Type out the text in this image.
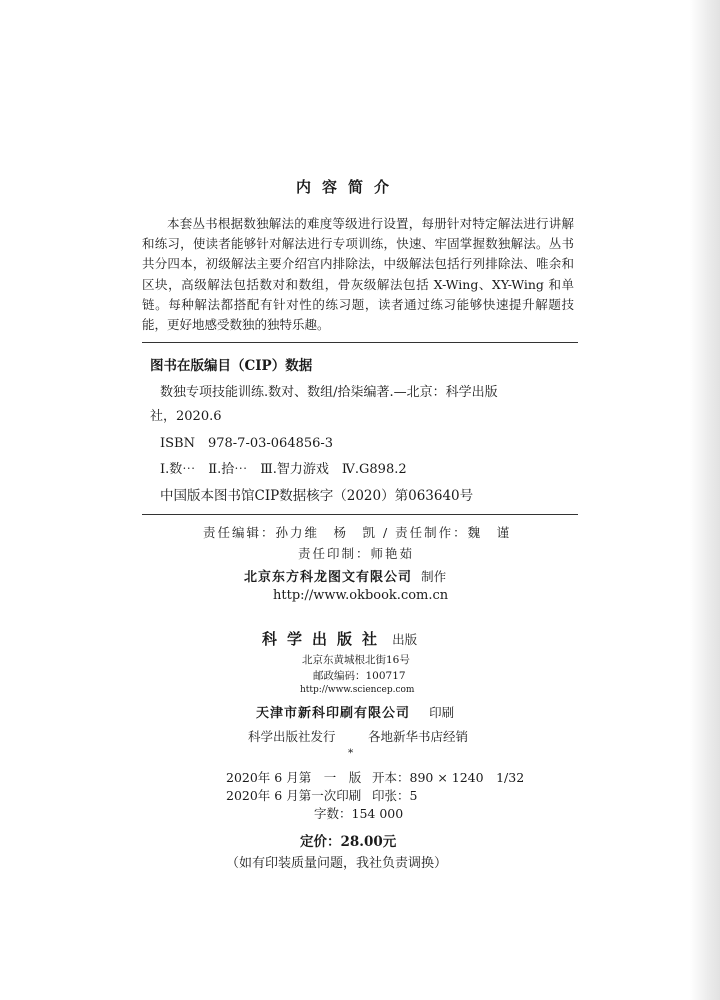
内容简介

本套丛书根据数独解法的难度等级进行设置，每册针对特定解法进行讲解和练习，使读者能够针对解法进行专项训练，快速、牢固掌握数独解法。丛书共分四本，初级解法主要介绍宫内排除法，中级解法包括行列排除法、唯余和区块，高级解法包括数对和数组，骨灰级解法包括 X-Wing、XY-Wing 和单链。每种解法都搭配有针对性的练习题，读者通过练习能够快速提升解题技能，更好地感受数独的独特乐趣。

图书在版编目（CIP）数据
数独专项技能训练.数对、数组/拾柒编著.—北京：科学出版
社，2020.6
ISBN　978-7-03-064856-3
Ⅰ.数⋯　Ⅱ.拾⋯　Ⅲ.智力游戏　Ⅳ.G898.2
中国版本图书馆CIP数据核字（2020）第063640号
责任编辑：孙力维　杨　凯 / 责任制作：魏　谨
责任印制：师艳茹
北京东方科龙图文有限公司 制作
http://www.okbook.com.cn
科学出版社 出版
北京东黄城根北街16号
邮政编码：100717
http://www.sciencep.com
天津市新科印刷有限公司 印刷
科学出版社发行	各地新华书店经销
*
2020年 6 月第　一　版 开本：890 × 1240　1/32
2020年 6 月第一次印刷 印张：5
字数：154 000
定价：28.00元
（如有印装质量问题，我社负责调换）
